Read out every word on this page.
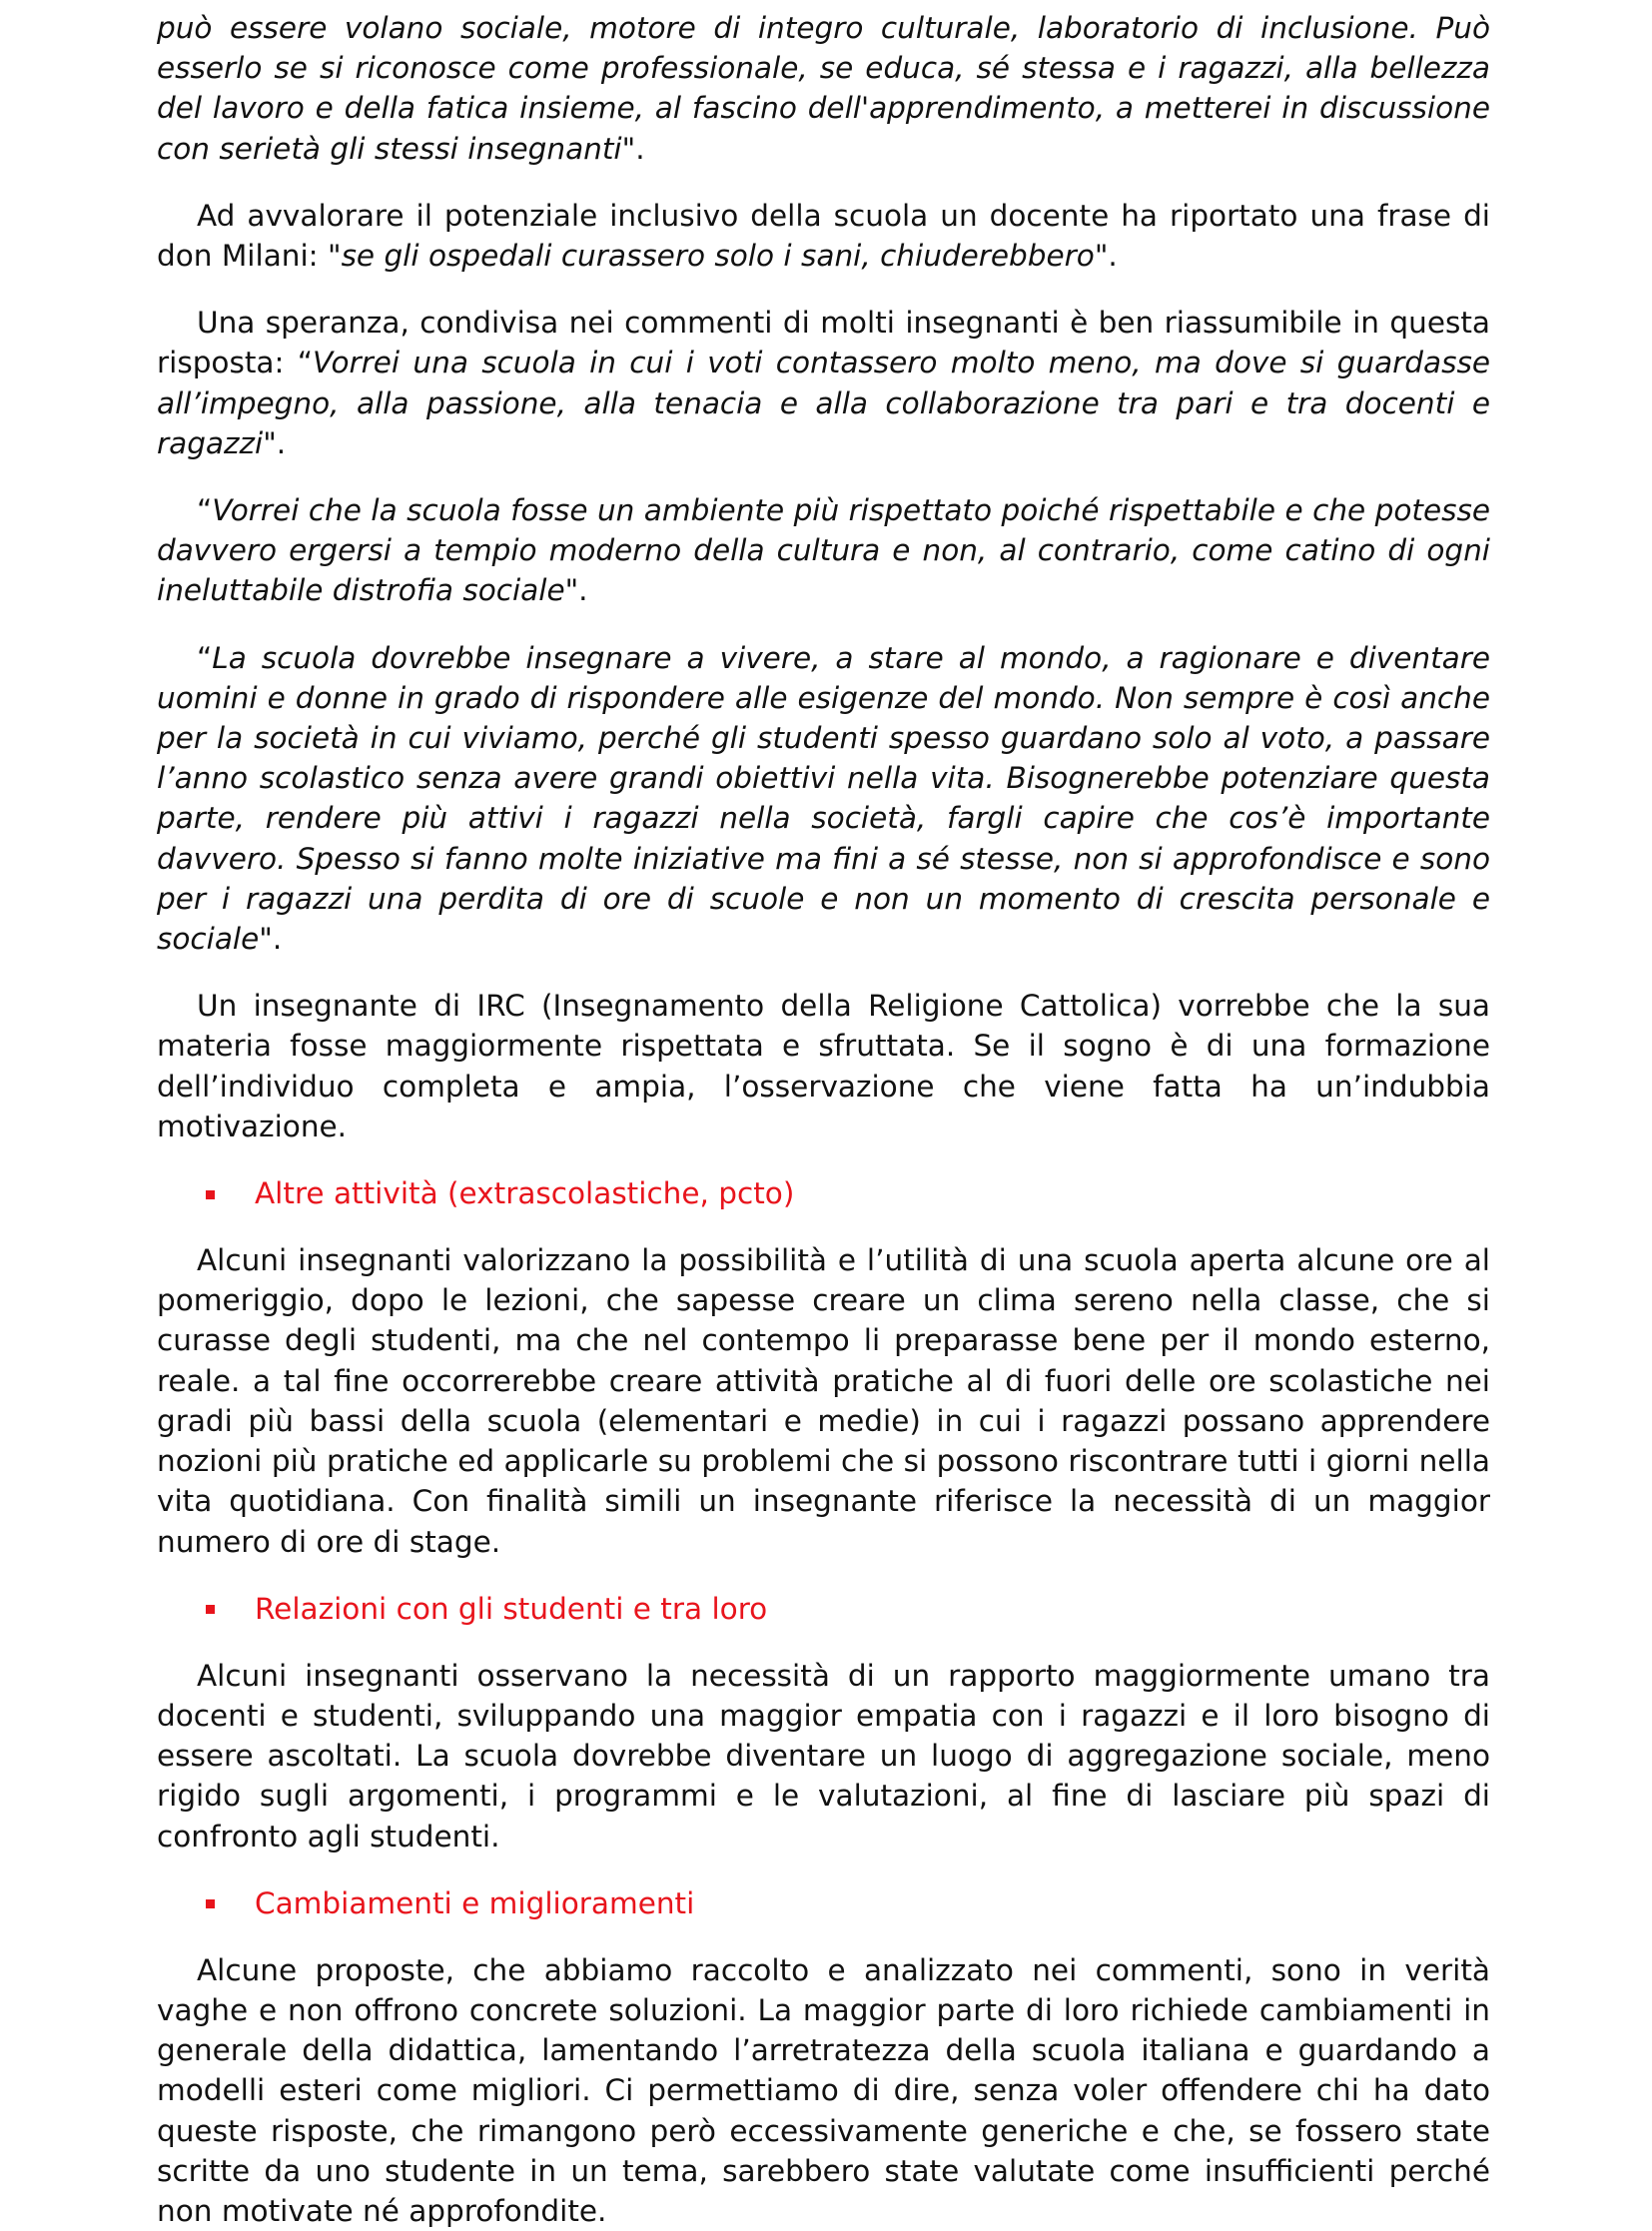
può essere volano sociale, motore di integro culturale, laboratorio di inclusione. Può esserlo se si riconosce come professionale, se educa, sé stessa e i ragazzi, alla bellezza del lavoro e della fatica insieme, al fascino dell'apprendimento, a metterei in discussione con serietà gli stessi insegnanti".

Ad avvalorare il potenziale inclusivo della scuola un docente ha riportato una frase di don Milani: "se gli ospedali curassero solo i sani, chiuderebbero".

Una speranza, condivisa nei commenti di molti insegnanti è ben riassumibile in questa risposta: “Vorrei una scuola in cui i voti contassero molto meno, ma dove si guardasse all’impegno, alla passione, alla tenacia e alla collaborazione tra pari e tra docenti e ragazzi".

“Vorrei che la scuola fosse un ambiente più rispettato poiché rispettabile e che potesse davvero ergersi a tempio moderno della cultura e non, al contrario, come catino di ogni ineluttabile distrofia sociale".

“La scuola dovrebbe insegnare a vivere, a stare al mondo, a ragionare e diventare uomini e donne in grado di rispondere alle esigenze del mondo. Non sempre è così anche per la società in cui viviamo, perché gli studenti spesso guardano solo al voto, a passare l’anno scolastico senza avere grandi obiettivi nella vita. Bisognerebbe potenziare questa parte, rendere più attivi i ragazzi nella società, fargli capire che cos’è importante davvero. Spesso si fanno molte iniziative ma fini a sé stesse, non si approfondisce e sono per i ragazzi una perdita di ore di scuole e non un momento di crescita personale e sociale".

Un insegnante di IRC (Insegnamento della Religione Cattolica) vorrebbe che la sua materia fosse maggiormente rispettata e sfruttata. Se il sogno è di una formazione dell’individuo completa e ampia, l’osservazione che viene fatta ha un’indubbia motivazione.

Altre attività (extrascolastiche, pcto)

Alcuni insegnanti valorizzano la possibilità e l’utilità di una scuola aperta alcune ore al pomeriggio, dopo le lezioni, che sapesse creare un clima sereno nella classe, che si curasse degli studenti, ma che nel contempo li preparasse bene per il mondo esterno, reale. a tal fine occorrerebbe creare attività pratiche al di fuori delle ore scolastiche nei gradi più bassi della scuola (elementari e medie) in cui i ragazzi possano apprendere nozioni più pratiche ed applicarle su problemi che si possono riscontrare tutti i giorni nella vita quotidiana. Con finalità simili un insegnante riferisce la necessità di un maggior numero di ore di stage.

Relazioni con gli studenti e tra loro

Alcuni insegnanti osservano la necessità di un rapporto maggiormente umano tra docenti e studenti, sviluppando una maggior empatia con i ragazzi e il loro bisogno di essere ascoltati. La scuola dovrebbe diventare un luogo di aggregazione sociale, meno rigido sugli argomenti, i programmi e le valutazioni, al fine di lasciare più spazi di confronto agli studenti.

Cambiamenti e miglioramenti

Alcune proposte, che abbiamo raccolto e analizzato nei commenti, sono in verità vaghe e non offrono concrete soluzioni. La maggior parte di loro richiede cambiamenti in generale della didattica, lamentando l’arretratezza della scuola italiana e guardando a modelli esteri come migliori. Ci permettiamo di dire, senza voler offendere chi ha dato queste risposte, che rimangono però eccessivamente generiche e che, se fossero state scritte da uno studente in un tema, sarebbero state valutate come insufficienti perché non motivate né approfondite.
